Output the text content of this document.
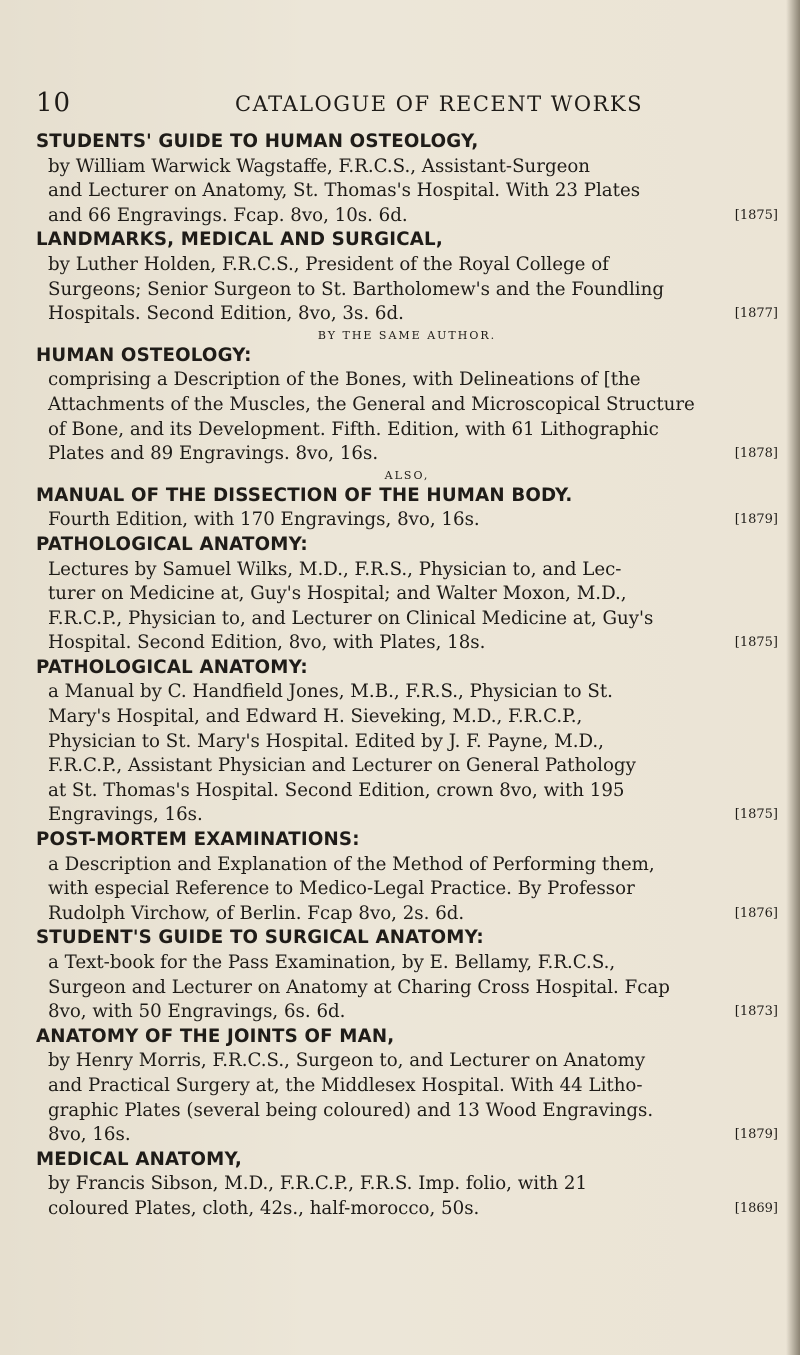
10	CATALOGUE OF RECENT WORKS
STUDENTS' GUIDE TO HUMAN OSTEOLOGY,
by William Warwick Wagstaffe, F.R.C.S., Assistant-Surgeon
and Lecturer on Anatomy, St. Thomas's Hospital. With 23 Plates
and 66 Engravings. Fcap. 8vo, 10s. 6d.	[1875]
LANDMARKS, MEDICAL AND SURGICAL,
by Luther Holden, F.R.C.S., President of the Royal College of
Surgeons; Senior Surgeon to St. Bartholomew's and the Foundling
Hospitals. Second Edition, 8vo, 3s. 6d.	[1877]
BY THE SAME AUTHOR.
HUMAN OSTEOLOGY:
comprising a Description of the Bones, with Delineations of [the
Attachments of the Muscles, the General and Microscopical Structure
of Bone, and its Development. Fifth. Edition, with 61 Lithographic
Plates and 89 Engravings. 8vo, 16s.	[1878]
ALSO,
MANUAL OF THE DISSECTION OF THE HUMAN BODY.
Fourth Edition, with 170 Engravings, 8vo, 16s.	[1879]
PATHOLOGICAL ANATOMY:
Lectures by Samuel Wilks, M.D., F.R.S., Physician to, and Lec-
turer on Medicine at, Guy's Hospital; and Walter Moxon, M.D.,
F.R.C.P., Physician to, and Lecturer on Clinical Medicine at, Guy's
Hospital. Second Edition, 8vo, with Plates, 18s.	[1875]
PATHOLOGICAL ANATOMY:
a Manual by C. Handfield Jones, M.B., F.R.S., Physician to St.
Mary's Hospital, and Edward H. Sieveking, M.D., F.R.C.P.,
Physician to St. Mary's Hospital. Edited by J. F. Payne, M.D.,
F.R.C.P., Assistant Physician and Lecturer on General Pathology
at St. Thomas's Hospital. Second Edition, crown 8vo, with 195
Engravings, 16s.	[1875]
POST-MORTEM EXAMINATIONS:
a Description and Explanation of the Method of Performing them,
with especial Reference to Medico-Legal Practice. By Professor
Rudolph Virchow, of Berlin. Fcap 8vo, 2s. 6d.	[1876]
STUDENT'S GUIDE TO SURGICAL ANATOMY:
a Text-book for the Pass Examination, by E. Bellamy, F.R.C.S.,
Surgeon and Lecturer on Anatomy at Charing Cross Hospital. Fcap
8vo, with 50 Engravings, 6s. 6d.	[1873]
ANATOMY OF THE JOINTS OF MAN,
by Henry Morris, F.R.C.S., Surgeon to, and Lecturer on Anatomy
and Practical Surgery at, the Middlesex Hospital. With 44 Litho-
graphic Plates (several being coloured) and 13 Wood Engravings.
8vo, 16s.	[1879]
MEDICAL ANATOMY,
by Francis Sibson, M.D., F.R.C.P., F.R.S. Imp. folio, with 21
coloured Plates, cloth, 42s., half-morocco, 50s.	[1869]
